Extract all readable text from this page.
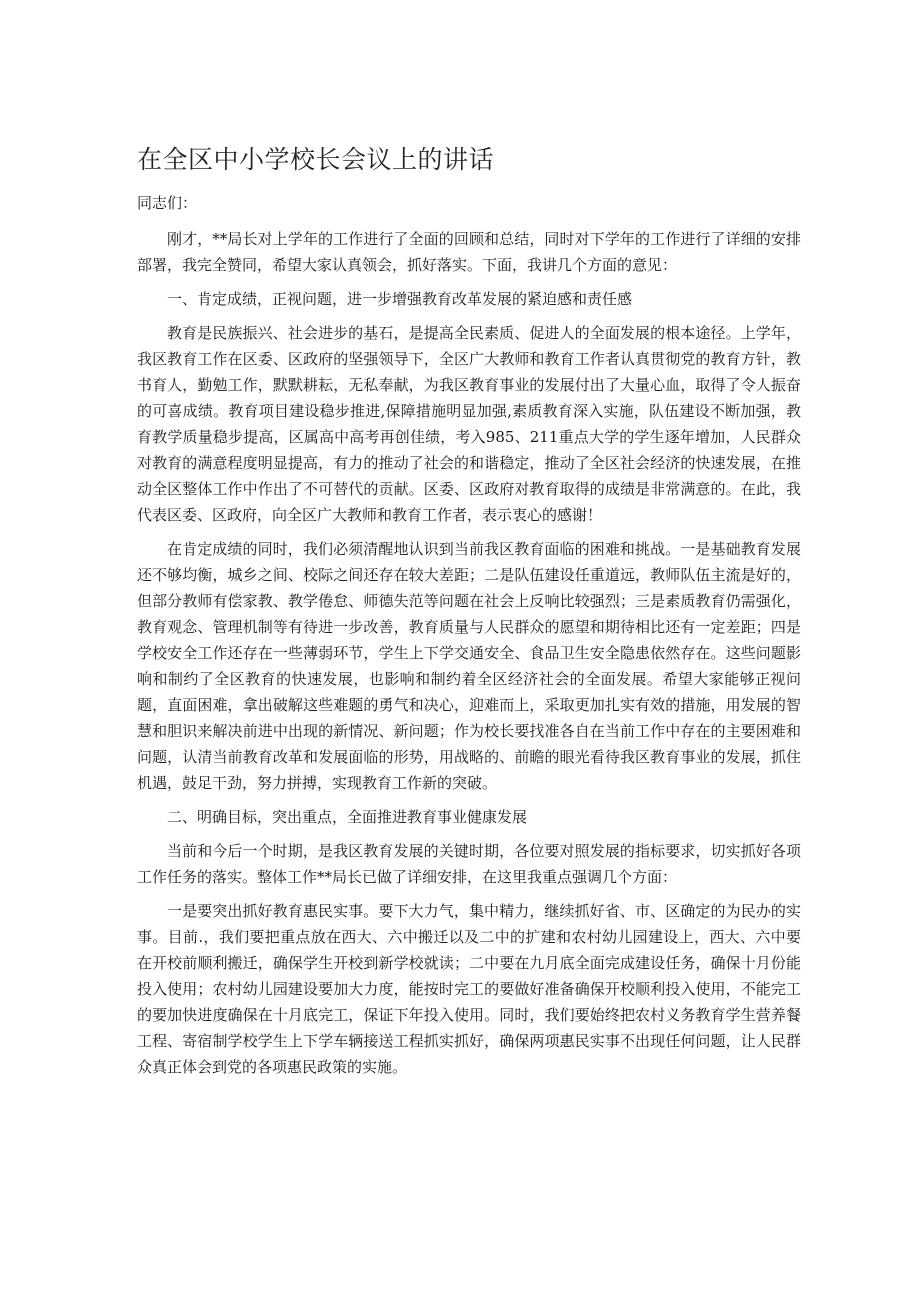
在全区中小学校长会议上的讲话
同志们：

刚才，**局长对上学年的工作进行了全面的回顾和总结，同时对下学年的工作进行了详细的安排部署，我完全赞同，希望大家认真领会，抓好落实。下面，我讲几个方面的意见：

一、肯定成绩，正视问题，进一步增强教育改革发展的紧迫感和责任感

教育是民族振兴、社会进步的基石，是提高全民素质、促进人的全面发展的根本途径。上学年，我区教育工作在区委、区政府的坚强领导下，全区广大教师和教育工作者认真贯彻党的教育方针，教书育人，勤勉工作，默默耕耘，无私奉献，为我区教育事业的发展付出了大量心血，取得了令人振奋的可喜成绩。教育项目建设稳步推进,保障措施明显加强,素质教育深入实施，队伍建设不断加强，教育教学质量稳步提高，区属高中高考再创佳绩，考入985、211重点大学的学生逐年增加，人民群众对教育的满意程度明显提高，有力的推动了社会的和谐稳定，推动了全区社会经济的快速发展，在推动全区整体工作中作出了不可替代的贡献。区委、区政府对教育取得的成绩是非常满意的。在此，我代表区委、区政府，向全区广大教师和教育工作者，表示衷心的感谢！

在肯定成绩的同时，我们必须清醒地认识到当前我区教育面临的困难和挑战。一是基础教育发展还不够均衡，城乡之间、校际之间还存在较大差距；二是队伍建设任重道远，教师队伍主流是好的，但部分教师有偿家教、教学倦怠、师德失范等问题在社会上反响比较强烈；三是素质教育仍需强化，教育观念、管理机制等有待进一步改善，教育质量与人民群众的愿望和期待相比还有一定差距；四是学校安全工作还存在一些薄弱环节，学生上下学交通安全、食品卫生安全隐患依然存在。这些问题影响和制约了全区教育的快速发展，也影响和制约着全区经济社会的全面发展。希望大家能够正视问题，直面困难，拿出破解这些难题的勇气和决心，迎难而上，采取更加扎实有效的措施，用发展的智慧和胆识来解决前进中出现的新情况、新问题；作为校长要找准各自在当前工作中存在的主要困难和问题，认清当前教育改革和发展面临的形势，用战略的、前瞻的眼光看待我区教育事业的发展，抓住机遇，鼓足干劲，努力拼搏，实现教育工作新的突破。

二、明确目标，突出重点，全面推进教育事业健康发展

当前和今后一个时期，是我区教育发展的关键时期，各位要对照发展的指标要求，切实抓好各项工作任务的落实。整体工作**局长已做了详细安排，在这里我重点强调几个方面：

一是要突出抓好教育惠民实事。要下大力气，集中精力，继续抓好省、市、区确定的为民办的实事。目前.，我们要把重点放在西大、六中搬迁以及二中的扩建和农村幼儿园建设上，西大、六中要在开校前顺利搬迁，确保学生开校到新学校就读；二中要在九月底全面完成建设任务，确保十月份能投入使用；农村幼儿园建设要加大力度，能按时完工的要做好准备确保开校顺利投入使用，不能完工的要加快进度确保在十月底完工，保证下年投入使用。同时，我们要始终把农村义务教育学生营养餐工程、寄宿制学校学生上下学车辆接送工程抓实抓好，确保两项惠民实事不出现任何问题，让人民群众真正体会到党的各项惠民政策的实施。
